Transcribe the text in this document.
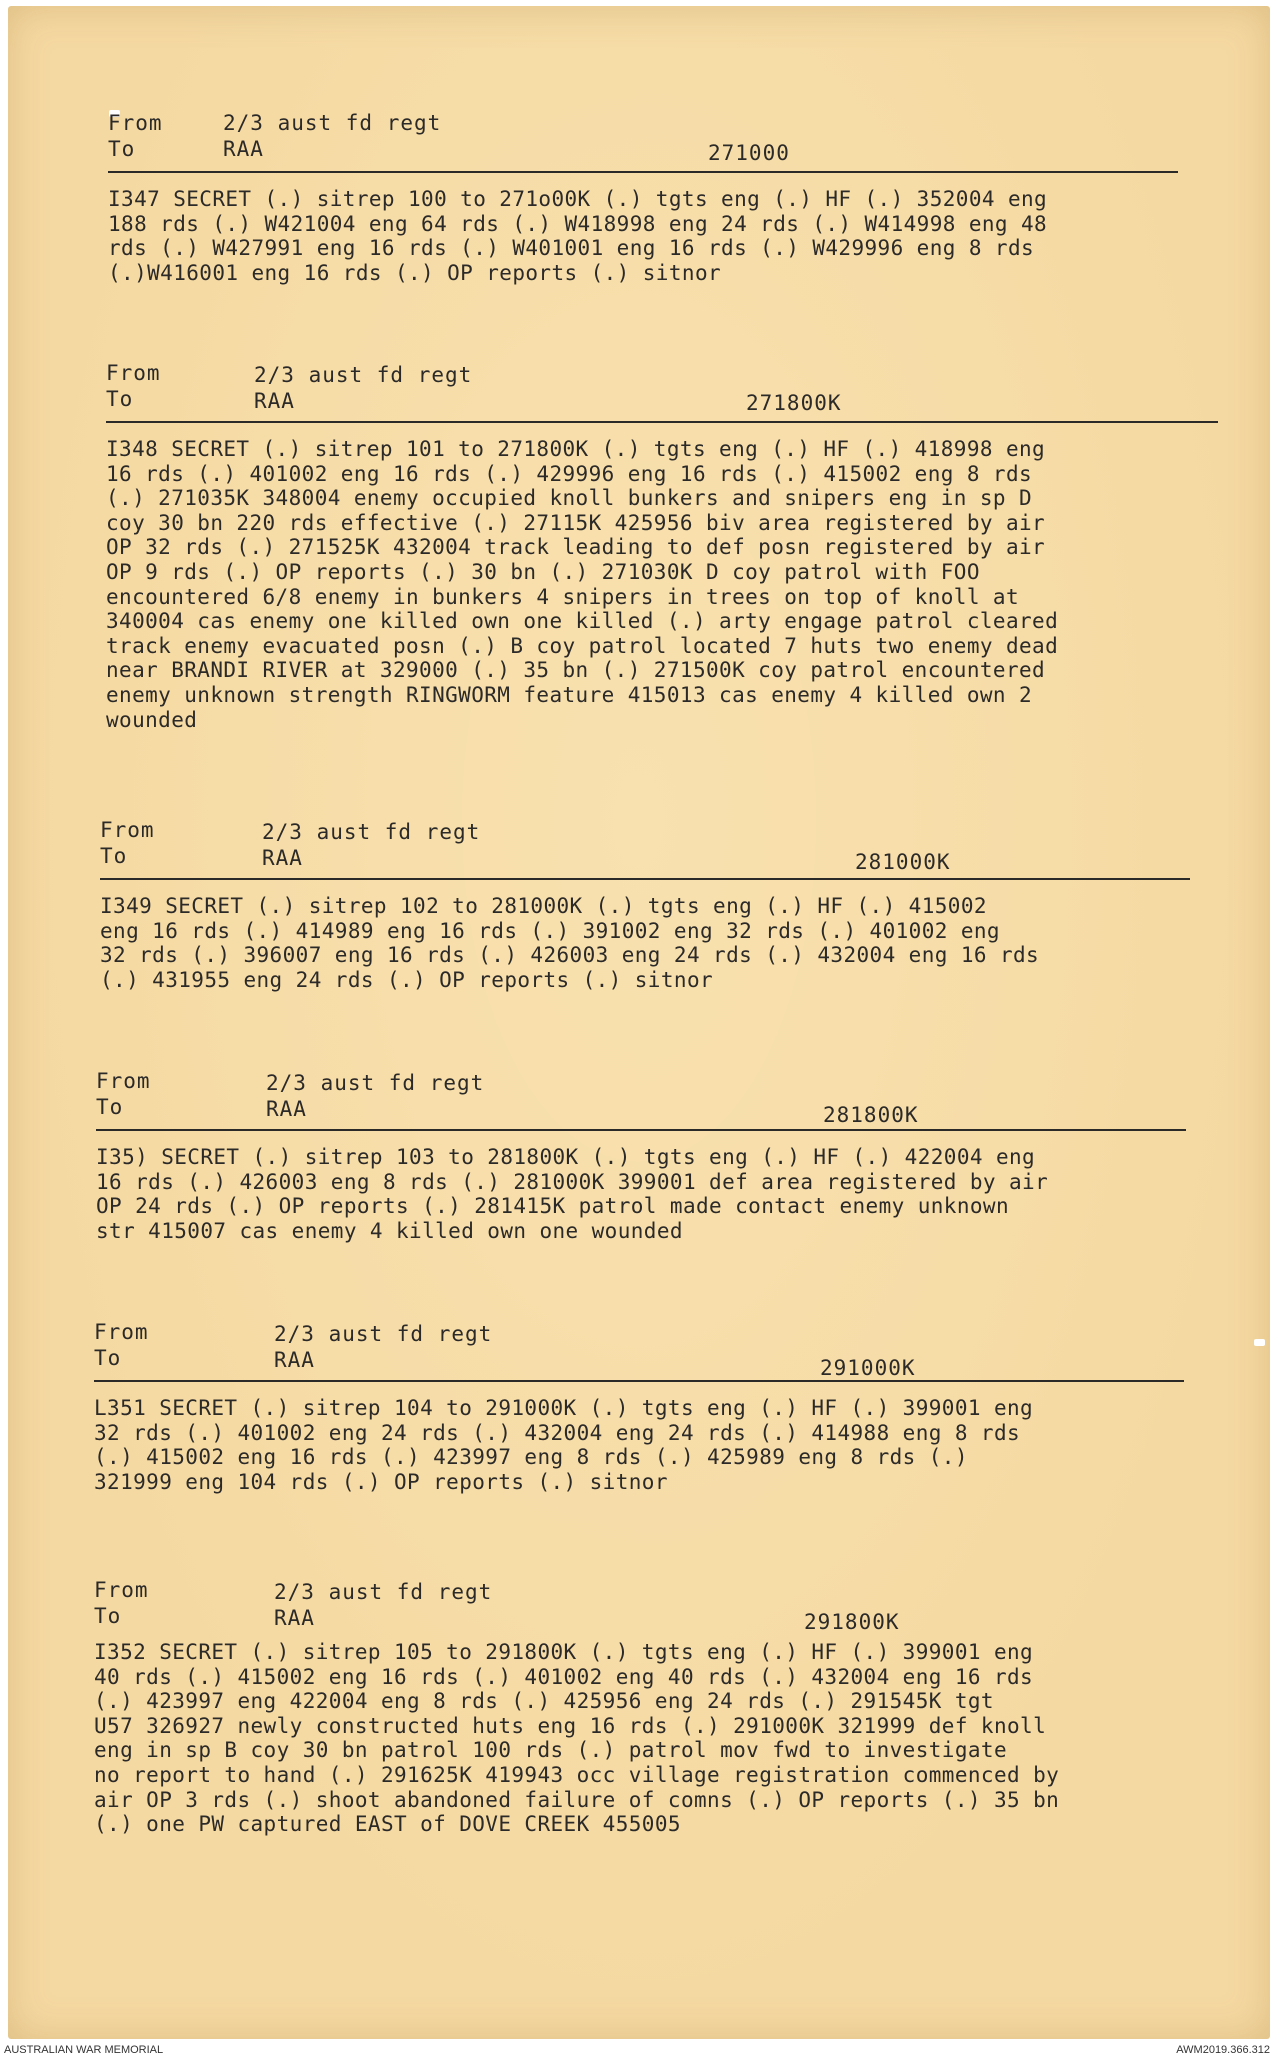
From	2/3 aust fd regt
To	RAA	271000
I347 SECRET (.) sitrep 100 to 271o00K (.) tgts eng (.) HF (.) 352004 eng
188 rds (.) W421004 eng 64 rds (.) W418998 eng 24 rds (.) W414998 eng 48
rds (.) W427991 eng 16 rds (.) W401001 eng 16 rds (.) W429996 eng 8 rds
(.)W416001 eng 16 rds (.) OP reports (.) sitnor
From	2/3 aust fd regt
To	RAA	271800K
I348 SECRET (.) sitrep 101 to 271800K (.) tgts eng (.) HF (.) 418998 eng
16 rds (.) 401002 eng 16 rds (.) 429996 eng 16 rds (.) 415002 eng 8 rds
(.) 271035K 348004 enemy occupied knoll bunkers and snipers eng in sp D
coy 30 bn 220 rds effective (.) 27115K 425956 biv area registered by air
OP 32 rds (.) 271525K 432004 track leading to def posn registered by air
OP 9 rds (.) OP reports (.) 30 bn (.) 271030K D coy patrol with FOO
encountered 6/8 enemy in bunkers 4 snipers in trees on top of knoll at
340004 cas enemy one killed own one killed (.) arty engage patrol cleared
track enemy evacuated posn (.) B coy patrol located 7 huts two enemy dead
near BRANDI RIVER at 329000 (.) 35 bn (.) 271500K coy patrol encountered
enemy unknown strength RINGWORM feature 415013 cas enemy 4 killed own 2
wounded
From	2/3 aust fd regt
To	RAA	281000K
I349 SECRET (.) sitrep 102 to 281000K (.) tgts eng (.) HF (.) 415002
eng 16 rds (.) 414989 eng 16 rds (.) 391002 eng 32 rds (.) 401002 eng
32 rds (.) 396007 eng 16 rds (.) 426003 eng 24 rds (.) 432004 eng 16 rds
(.) 431955 eng 24 rds (.) OP reports (.) sitnor
From	2/3 aust fd regt
To	RAA	281800K
I35) SECRET (.) sitrep 103 to 281800K (.) tgts eng (.) HF (.) 422004 eng
16 rds (.) 426003 eng 8 rds (.) 281000K 399001 def area registered by air
OP 24 rds (.) OP reports (.) 281415K patrol made contact enemy unknown
str 415007 cas enemy 4 killed own one wounded
From	2/3 aust fd regt
To	RAA	291000K
L351 SECRET (.) sitrep 104 to 291000K (.) tgts eng (.) HF (.) 399001 eng
32 rds (.) 401002 eng 24 rds (.) 432004 eng 24 rds (.) 414988 eng 8 rds
(.) 415002 eng 16 rds (.) 423997 eng 8 rds (.) 425989 eng 8 rds (.)
321999 eng 104 rds (.) OP reports (.) sitnor
From	2/3 aust fd regt
To	RAA	291800K
I352 SECRET (.) sitrep 105 to 291800K (.) tgts eng (.) HF (.) 399001 eng
40 rds (.) 415002 eng 16 rds (.) 401002 eng 40 rds (.) 432004 eng 16 rds
(.) 423997 eng 422004 eng 8 rds (.) 425956 eng 24 rds (.) 291545K tgt
U57 326927 newly constructed huts eng 16 rds (.) 291000K 321999 def knoll
eng in sp B coy 30 bn patrol 100 rds (.) patrol mov fwd to investigate
no report to hand (.) 291625K 419943 occ village registration commenced by
air OP 3 rds (.) shoot abandoned failure of comns (.) OP reports (.) 35 bn
(.) one PW captured EAST of DOVE CREEK 455005
AUSTRALIAN WAR MEMORIAL	AWM2019.366.312
